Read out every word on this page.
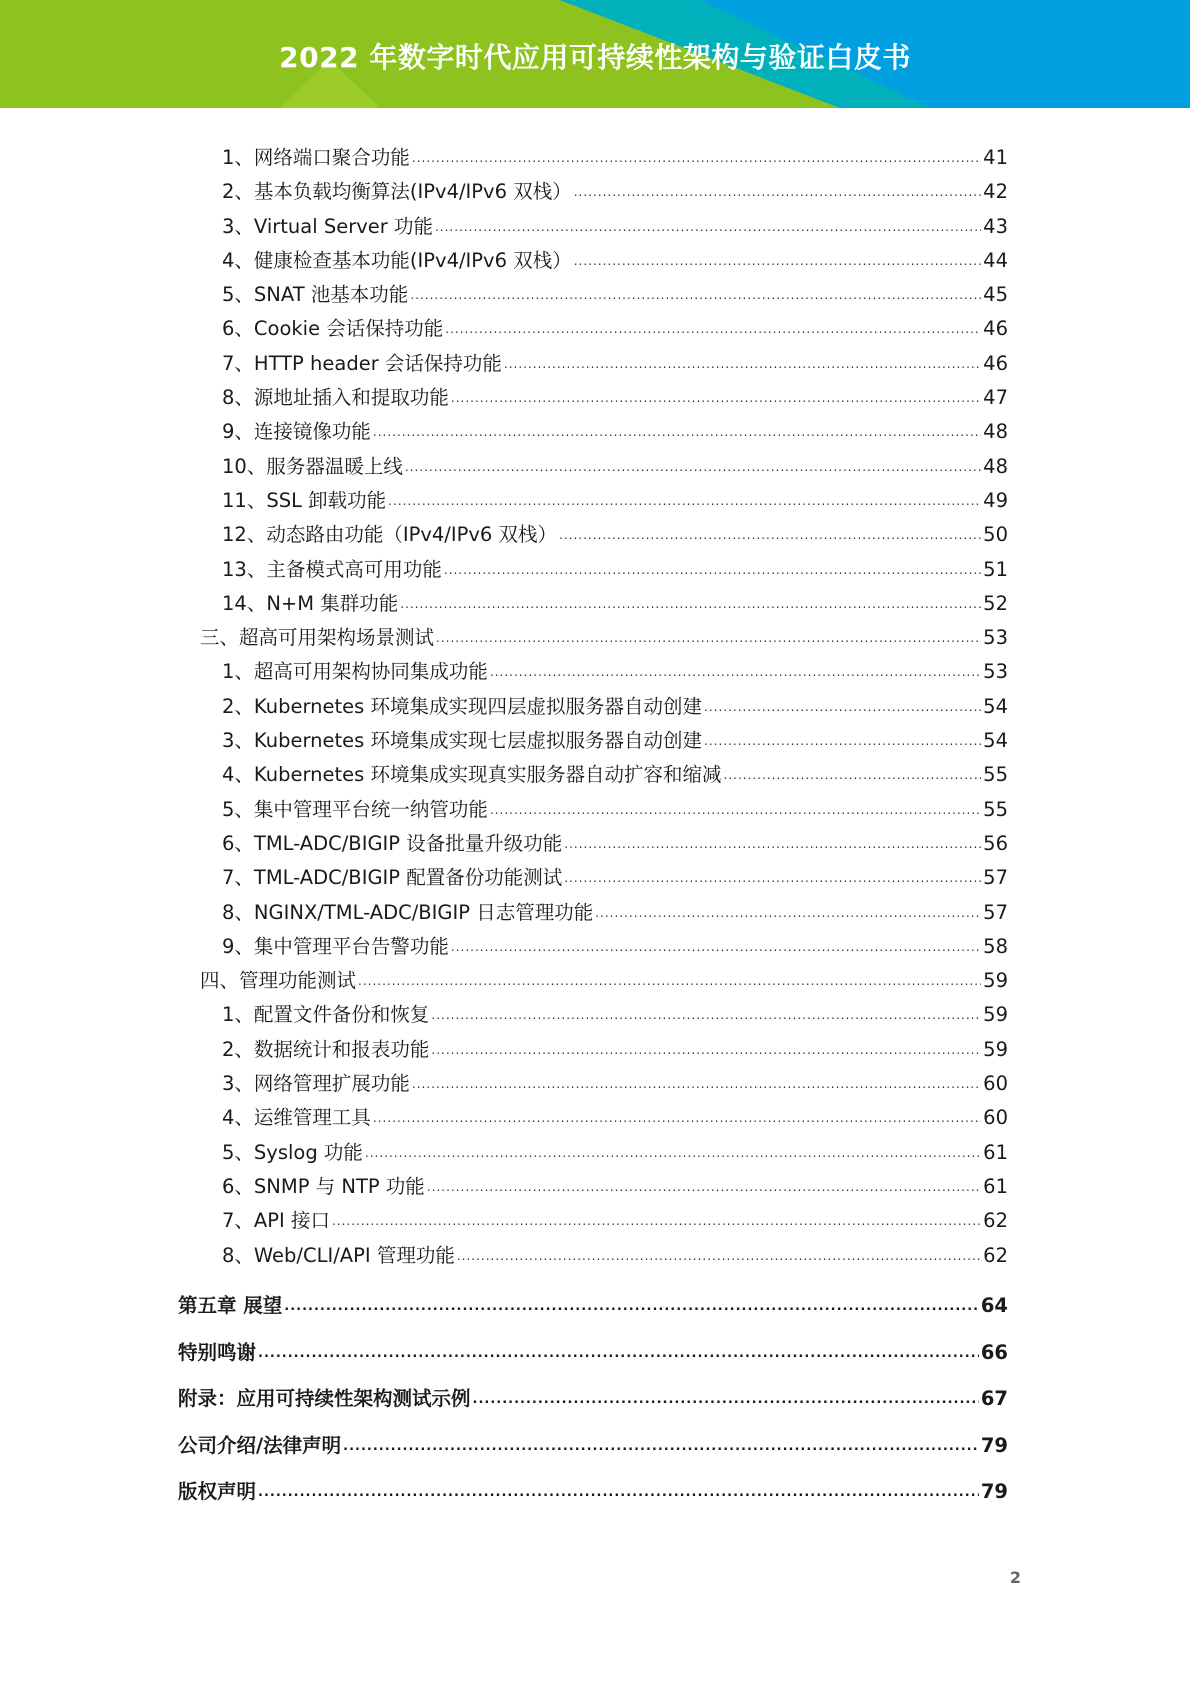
2022 年数字时代应用可持续性架构与验证白皮书
1、网络端口聚合功能 .....	41
2、基本负载均衡算法(IPv4/IPv6 双栈） .....	42
3、Virtual Server 功能 .....	43
4、健康检查基本功能(IPv4/IPv6 双栈） .....	44
5、SNAT 池基本功能 .....	45
6、Cookie 会话保持功能 .....	46
7、HTTP header 会话保持功能 .....	46
8、源地址插入和提取功能 .....	47
9、连接镜像功能 .....	48
10、服务器温暖上线 .....	48
11、SSL 卸载功能 .....	49
12、动态路由功能（IPv4/IPv6 双栈） .....	50
13、主备模式高可用功能 .....	51
14、N+M 集群功能 .....	52
三、超高可用架构场景测试 .....	53
1、超高可用架构协同集成功能 .....	53
2、Kubernetes 环境集成实现四层虚拟服务器自动创建 .....	54
3、Kubernetes 环境集成实现七层虚拟服务器自动创建 .....	54
4、Kubernetes 环境集成实现真实服务器自动扩容和缩减 .....	55
5、集中管理平台统一纳管功能 .....	55
6、TML-ADC/BIGIP 设备批量升级功能 .....	56
7、TML-ADC/BIGIP 配置备份功能测试 .....	57
8、NGINX/TML-ADC/BIGIP 日志管理功能 .....	57
9、集中管理平台告警功能 .....	58
四、管理功能测试 .....	59
1、配置文件备份和恢复 .....	59
2、数据统计和报表功能 .....	59
3、网络管理扩展功能 .....	60
4、运维管理工具 .....	60
5、Syslog 功能 .....	61
6、SNMP 与 NTP 功能 .....	61
7、API 接口 .....	62
8、Web/CLI/API 管理功能 .....	62
第五章 展望 .....	64
特别鸣谢 .....	66
附录：应用可持续性架构测试示例 .....	67
公司介绍/法律声明 .....	79
版权声明 .....	79
2
